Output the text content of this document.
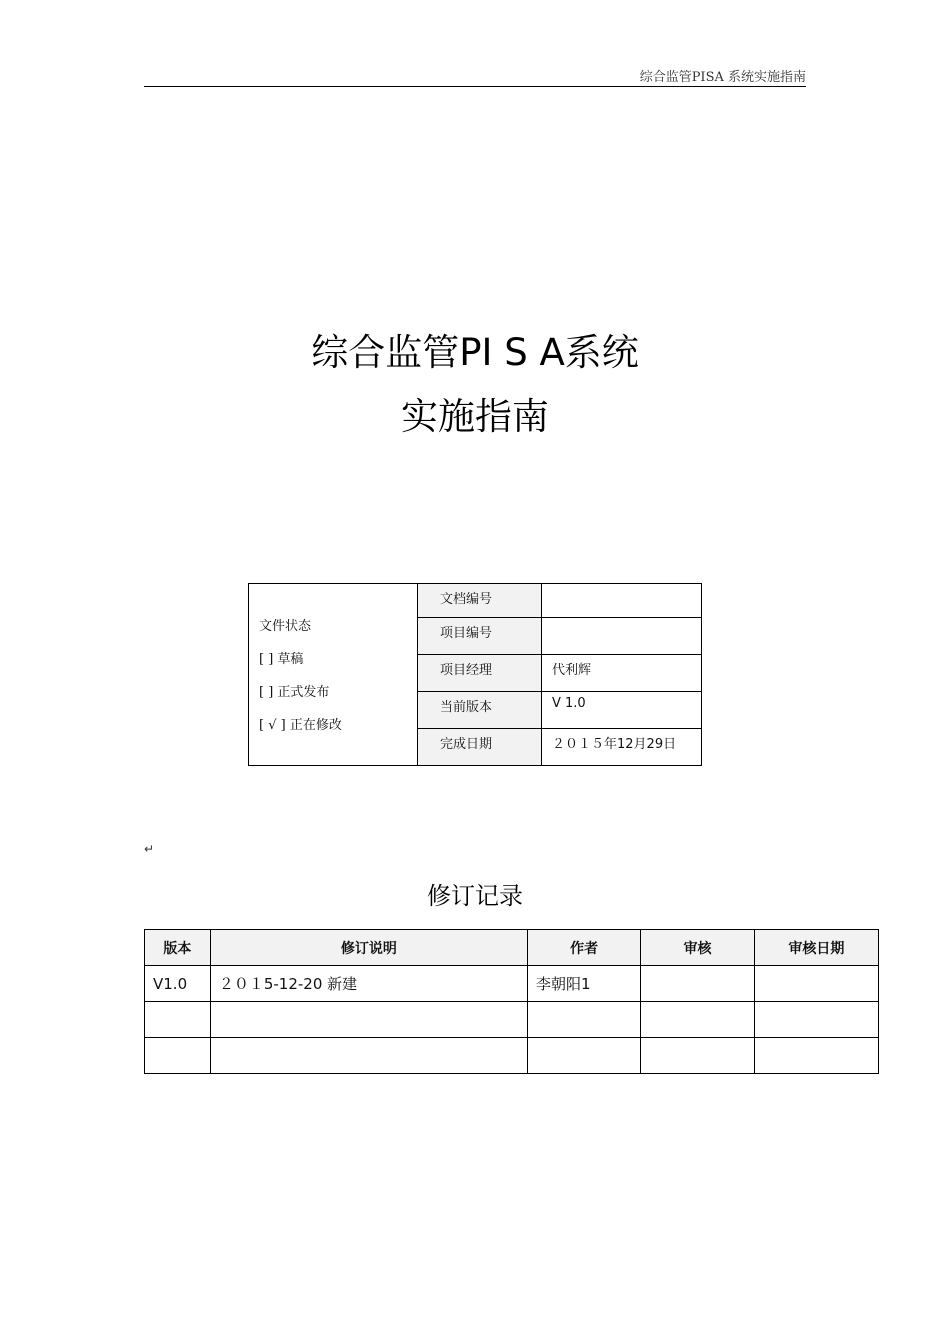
综合监管PISA 系统实施指南
综合监管PI S A系统
实施指南
文件状态
[ ] 草稿
[ ] 正式发布
[ √ ] 正在修改	文档编号	
	项目编号	
	项目经理	代利辉
	当前版本	V 1.0
	完成日期	２０１５年12月29日
↵
修订记录
版本	修订说明	作者	审核	审核日期
V1.0	２０１5-12-20 新建	李朝阳1		
